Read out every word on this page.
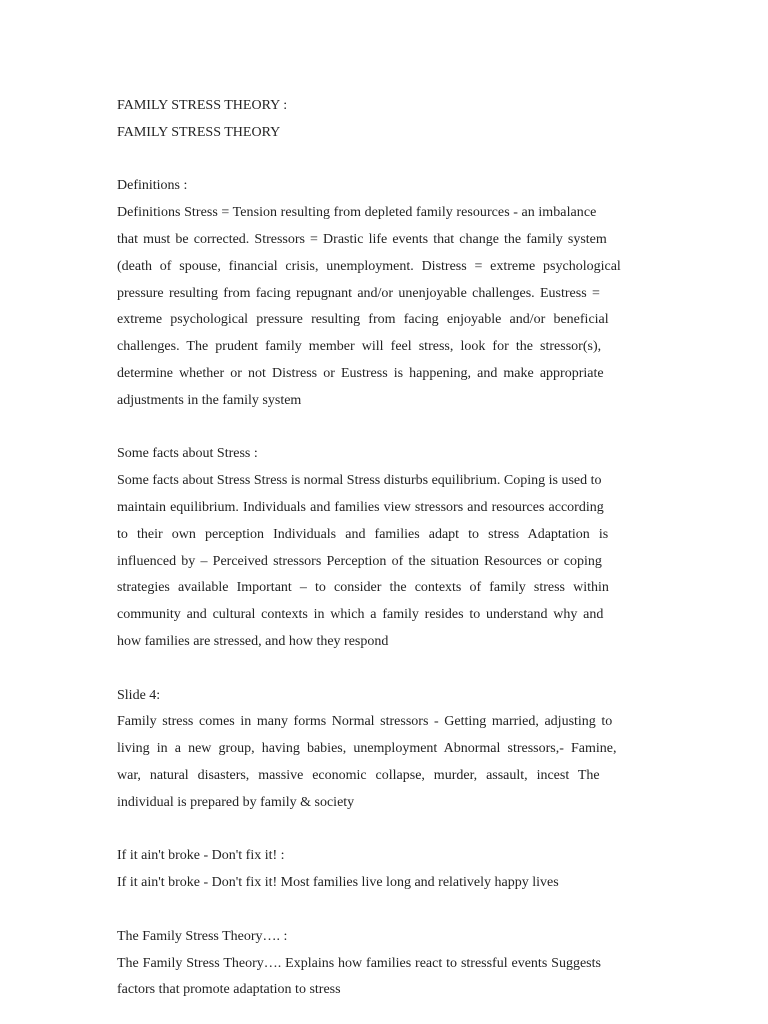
FAMILY STRESS THEORY :

FAMILY STRESS THEORY

Definitions :

Definitions Stress = Tension resulting from depleted family resources - an imbalance
that must be corrected. Stressors = Drastic life events that change the family system
(death of spouse, financial crisis, unemployment. Distress = extreme psychological
pressure resulting from facing repugnant and/or unenjoyable challenges. Eustress =
extreme psychological pressure resulting from facing enjoyable and/or beneficial
challenges. The prudent family member will feel stress, look for the stressor(s),
determine whether or not Distress or Eustress is happening, and make appropriate
adjustments in the family system

Some facts about Stress :

Some facts about Stress Stress is normal Stress disturbs equilibrium. Coping is used to
maintain equilibrium. Individuals and families view stressors and resources according
to their own perception Individuals and families adapt to stress Adaptation is
influenced by – Perceived stressors Perception of the situation Resources or coping
strategies available Important – to consider the contexts of family stress within
community and cultural contexts in which a family resides to understand why and
how families are stressed, and how they respond

Slide 4:

Family stress comes in many forms Normal stressors - Getting married, adjusting to
living in a new group, having babies, unemployment Abnormal stressors,- Famine,
war, natural disasters, massive economic collapse, murder, assault, incest The
individual is prepared by family & society

If it ain't broke - Don't fix it! :

If it ain't broke - Don't fix it! Most families live long and relatively happy lives

The Family Stress Theory…. :

The Family Stress Theory…. Explains how families react to stressful events Suggests
factors that promote adaptation to stress
